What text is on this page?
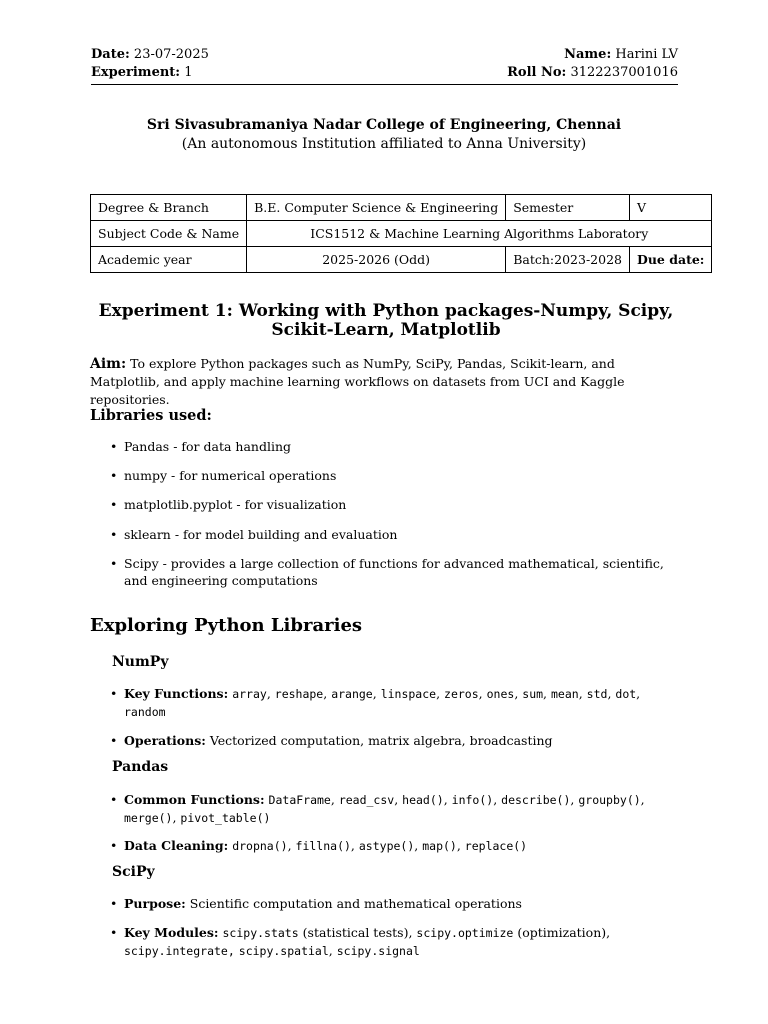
Date: 23-07-2025
Experiment: 1
Name: Harini LV
Roll No: 3122237001016
Sri Sivasubramaniya Nadar College of Engineering, Chennai
(An autonomous Institution affiliated to Anna University)
Degree & Branch	B.E. Computer Science & Engineering	Semester	V
Subject Code & Name	ICS1512 & Machine Learning Algorithms Laboratory		
Academic year	2025-2026 (Odd)	Batch:2023-2028	Due date:
Experiment 1: Working with Python packages-Numpy, Scipy,
Scikit-Learn, Matplotlib
Aim: To explore Python packages such as NumPy, SciPy, Pandas, Scikit-learn, and Matplotlib, and apply machine learning workflows on datasets from UCI and Kaggle repositories.
Libraries used:
• Pandas - for data handling
• numpy - for numerical operations
• matplotlib.pyplot - for visualization
• sklearn - for model building and evaluation
• Scipy - provides a large collection of functions for advanced mathematical, scientific, and engineering computations
Exploring Python Libraries
NumPy
• Key Functions: array, reshape, arange, linspace, zeros, ones, sum, mean, std, dot, random
• Operations: Vectorized computation, matrix algebra, broadcasting
Pandas
• Common Functions: DataFrame, read_csv, head(), info(), describe(), groupby(), merge(), pivot_table()
• Data Cleaning: dropna(), fillna(), astype(), map(), replace()
SciPy
• Purpose: Scientific computation and mathematical operations
• Key Modules: scipy.stats (statistical tests), scipy.optimize (optimization), scipy.integrate, scipy.spatial, scipy.signal
